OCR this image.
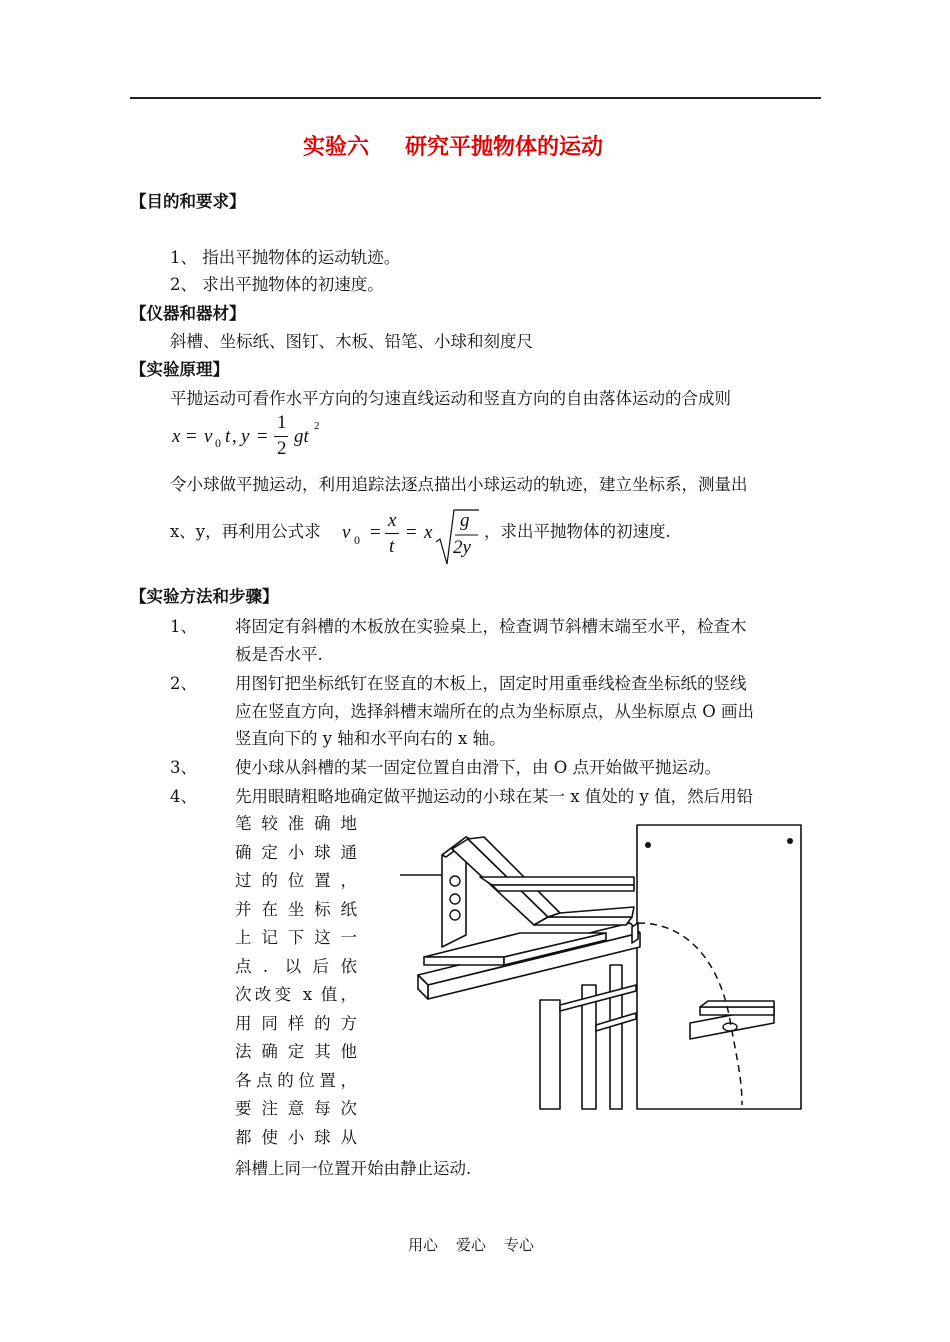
实验六 研究平抛物体的运动
【目的和要求】
1、 指出平抛物体的运动轨迹。
2、 求出平抛物体的初速度。
【仪器和器材】
斜槽、坐标纸、图钉、木板、铅笔、小球和刻度尺
【实验原理】
平抛运动可看作水平方向的匀速直线运动和竖直方向的自由落体运动的合成则
x = v 0 t , y =
1
2
gt 2
令小球做平抛运动，利用追踪法逐点描出小球运动的轨迹，建立坐标系，测量出
x、y，再利用公式求 v 0 =
x
t
= x
g
2y
，求出平抛物体的初速度.
【实验方法和步骤】
1、 将固定有斜槽的木板放在实验桌上，检查调节斜槽末端至水平，检查木
板是否水平.
2、 用图钉把坐标纸钉在竖直的木板上，固定时用重垂线检查坐标纸的竖线
应在竖直方向，选择斜槽末端所在的点为坐标原点，从坐标原点 O 画出
竖直向下的 y 轴和水平向右的 x 轴。
3、 使小球从斜槽的某一固定位置自由滑下，由 O 点开始做平抛运动。
4、 先用眼睛粗略地确定做平抛运动的小球在某一 x 值处的 y 值，然后用铅
笔较准确地
确定小球通
过的位置，
并在坐标纸
上记下这一
点. 以后依
次改变 x 值，
用同样的方
法确定其他
各点的位置，
要注意每次
都使小球从
斜槽上同一位置开始由静止运动.
用心 爱心 专心
